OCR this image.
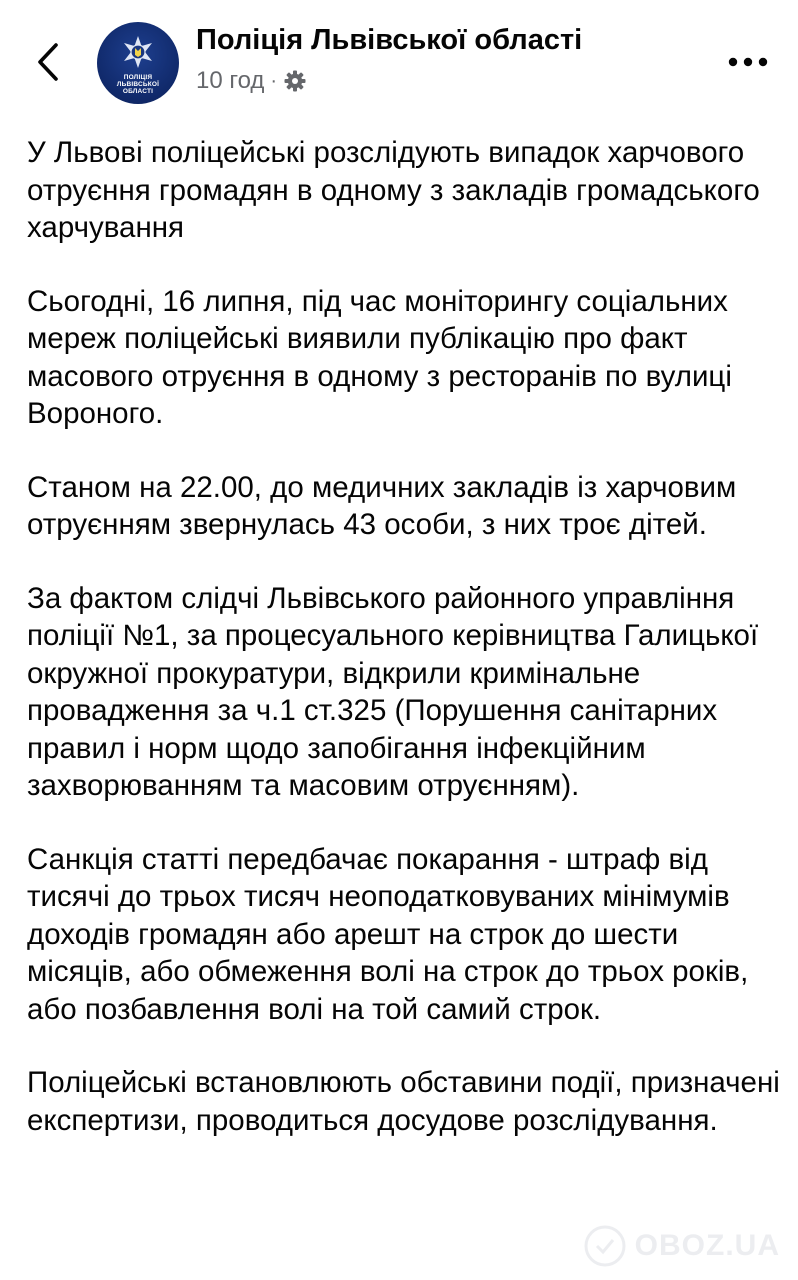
ПОЛІЦІЯ
ЛЬВІВСЬКОЇ
ОБЛАСТІ
Поліція Львівської області
10 год ·

У Львові поліцейські розслідують випадок харчового отруєння громадян в одному з закладів громадського харчування

Сьогодні, 16 липня, під час моніторингу соціальних мереж поліцейські виявили публікацію про факт масового отруєння в одному з ресторанів по вулиці Вороного.

Станом на 22.00, до медичних закладів із харчовим отруєнням звернулась 43 особи, з них троє дітей.

За фактом слідчі Львівського районного управління поліції №1, за процесуального керівництва Галицької окружної прокуратури, відкрили кримінальне провадження за ч.1 ст.325 (Порушення санітарних правил і норм щодо запобігання інфекційним захворюванням та масовим отруєнням).

Санкція статті передбачає покарання - штраф від тисячі до трьох тисяч неоподатковуваних мінімумів доходів громадян або арешт на строк до шести місяців, або обмеження волі на строк до трьох років, або позбавлення волі на той самий строк.

Поліцейські встановлюють обставини події, призначені експертизи, проводиться досудове розслідування.

OBOZ.UA
